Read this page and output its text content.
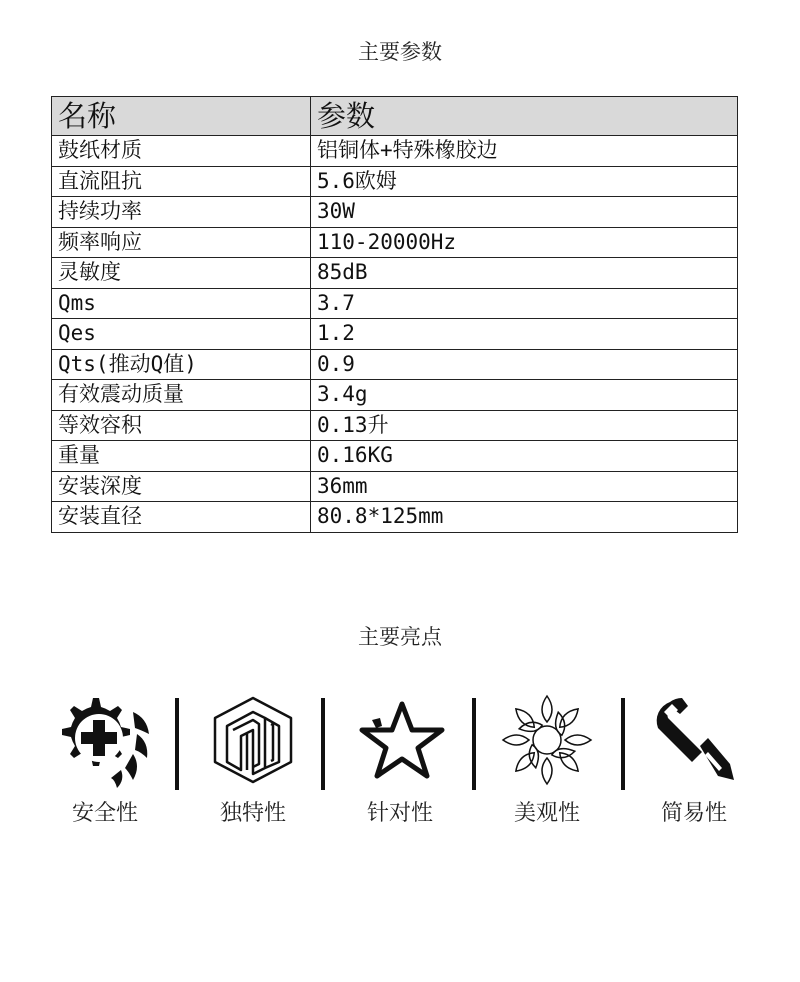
主要参数
名称	参数
鼓纸材质	铝铜体+特殊橡胶边
直流阻抗	5.6欧姆
持续功率	30W
频率响应	110-20000Hz
灵敏度	85dB
Qms	3.7
Qes	1.2
Qts(推动Q值)	0.9
有效震动质量	3.4g
等效容积	0.13升
重量	0.16KG
安装深度	36mm
安装直径	80.8*125mm
主要亮点
安全性	独特性	针对性	美观性	简易性
